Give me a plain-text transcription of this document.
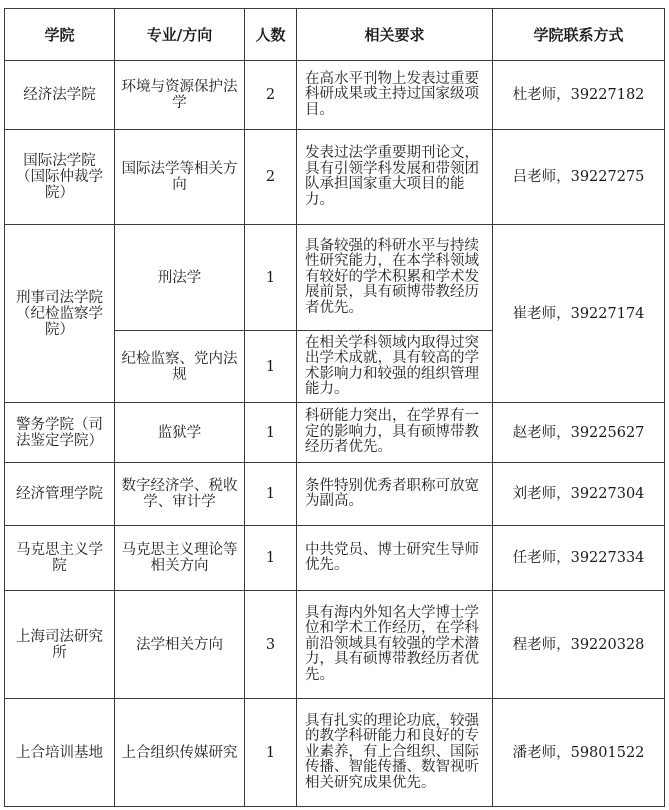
学院	专业/方向	人数	相关要求	学院联系方式
经济法学院	环境与资源保护法学	2	在高水平刊物上发表过重要科研成果或主持过国家级项目。	杜老师，39227182
国际法学院（国际仲裁学院）	国际法学等相关方向	2	发表过法学重要期刊论文，具有引领学科发展和带领团队承担国家重大项目的能力。	吕老师，39227275
刑事司法学院（纪检监察学院）	刑法学	1	具备较强的科研水平与持续性研究能力，在本学科领域有较好的学术积累和学术发展前景，具有硕博带教经历者优先。	崔老师，39227174
	纪检监察、党内法规	1	在相关学科领域内取得过突出学术成就，具有较高的学术影响力和较强的组织管理能力。	
警务学院（司法鉴定学院）	监狱学	1	科研能力突出，在学界有一定的影响力，具有硕博带教经历者优先。	赵老师，39225627
经济管理学院	数字经济学、税收学、审计学	1	条件特别优秀者职称可放宽为副高。	刘老师，39227304
马克思主义学院	马克思主义理论等相关方向	1	中共党员、博士研究生导师优先。	任老师，39227334
上海司法研究所	法学相关方向	3	具有海内外知名大学博士学位和学术工作经历，在学科前沿领域具有较强的学术潜力，具有硕博带教经历者优先。	程老师，39220328
上合培训基地	上合组织传媒研究	1	具有扎实的理论功底，较强的教学科研能力和良好的专业素养，有上合组织、国际传播、智能传播、数智视听相关研究成果优先。	潘老师，59801522
